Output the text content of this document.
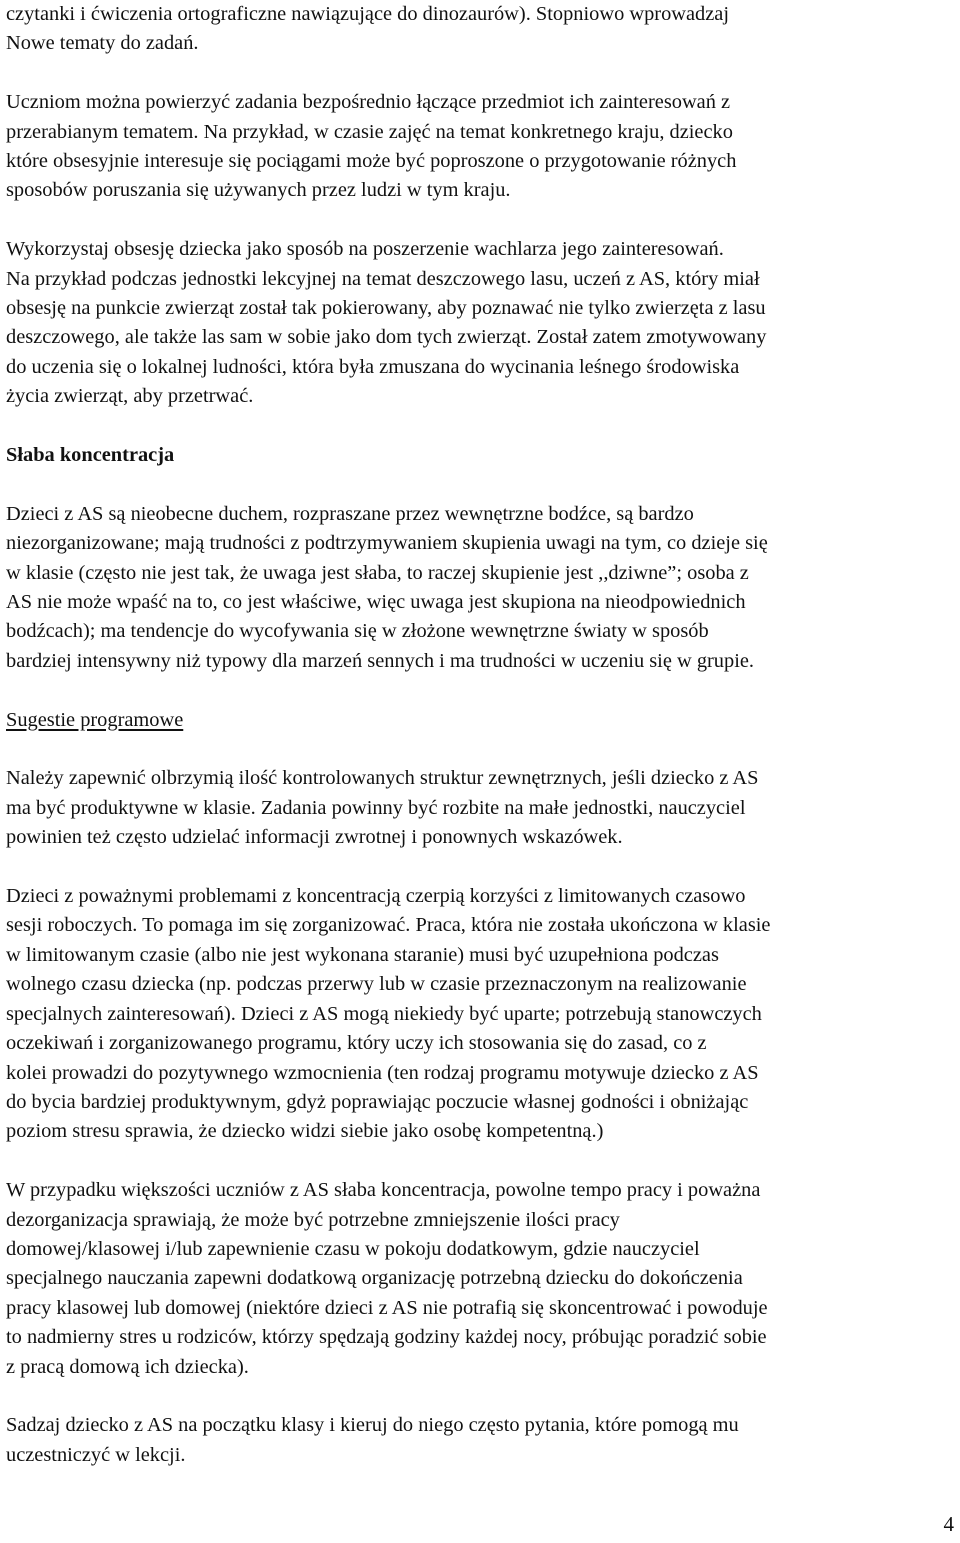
czytanki i ćwiczenia ortograficzne nawiązujące do dinozaurów). Stopniowo wprowadzaj
Nowe tematy do zadań.
Uczniom można powierzyć zadania bezpośrednio łączące przedmiot ich zainteresowań z
przerabianym tematem. Na przykład, w czasie zajęć na temat konkretnego kraju, dziecko
które obsesyjnie interesuje się pociągami może być poproszone o przygotowanie różnych
sposobów poruszania się używanych przez ludzi w tym kraju.
Wykorzystaj obsesję dziecka jako sposób na poszerzenie wachlarza jego zainteresowań.
Na przykład podczas jednostki lekcyjnej na temat deszczowego lasu, uczeń z AS, który miał
obsesję na punkcie zwierząt został tak pokierowany, aby poznawać nie tylko zwierzęta z lasu
deszczowego, ale także las sam w sobie jako dom tych zwierząt. Został zatem zmotywowany
do uczenia się o lokalnej ludności, która była zmuszana do wycinania leśnego środowiska
życia zwierząt, aby przetrwać.
Słaba koncentracja
Dzieci z AS są nieobecne duchem, rozpraszane przez wewnętrzne bodźce, są bardzo
niezorganizowane; mają trudności z podtrzymywaniem skupienia uwagi na tym, co dzieje się
w klasie (często nie jest tak, że uwaga jest słaba, to raczej skupienie jest ,,dziwne”; osoba z
AS nie może wpaść na to, co jest właściwe, więc uwaga jest skupiona na nieodpowiednich
bodźcach); ma tendencje do wycofywania się w złożone wewnętrzne światy w sposób
bardziej intensywny niż typowy dla marzeń sennych i ma trudności w uczeniu się w grupie.
Sugestie programowe
Należy zapewnić olbrzymią ilość kontrolowanych struktur zewnętrznych, jeśli dziecko z AS
ma być produktywne w klasie. Zadania powinny być rozbite na małe jednostki, nauczyciel
powinien też często udzielać informacji zwrotnej i ponownych wskazówek.
Dzieci z poważnymi problemami z koncentracją czerpią korzyści z limitowanych czasowo
sesji roboczych. To pomaga im się zorganizować. Praca, która nie została ukończona w klasie
w limitowanym czasie (albo nie jest wykonana staranie) musi być uzupełniona podczas
wolnego czasu dziecka (np. podczas przerwy lub w czasie przeznaczonym na realizowanie
specjalnych zainteresowań). Dzieci z AS mogą niekiedy być uparte; potrzebują stanowczych
oczekiwań i zorganizowanego programu, który uczy ich stosowania się do zasad, co z
kolei prowadzi do pozytywnego wzmocnienia (ten rodzaj programu motywuje dziecko z AS
do bycia bardziej produktywnym, gdyż poprawiając poczucie własnej godności i obniżając
poziom stresu sprawia, że dziecko widzi siebie jako osobę kompetentną.)
W przypadku większości uczniów z AS słaba koncentracja, powolne tempo pracy i poważna
dezorganizacja sprawiają, że może być potrzebne zmniejszenie ilości pracy
domowej/klasowej i/lub zapewnienie czasu w pokoju dodatkowym, gdzie nauczyciel
specjalnego nauczania zapewni dodatkową organizację potrzebną dziecku do dokończenia
pracy klasowej lub domowej (niektóre dzieci z AS nie potrafią się skoncentrować i powoduje
to nadmierny stres u rodziców, którzy spędzają godziny każdej nocy, próbując poradzić sobie
z pracą domową ich dziecka).
Sadzaj dziecko z AS na początku klasy i kieruj do niego często pytania, które pomogą mu
uczestniczyć w lekcji.
4
